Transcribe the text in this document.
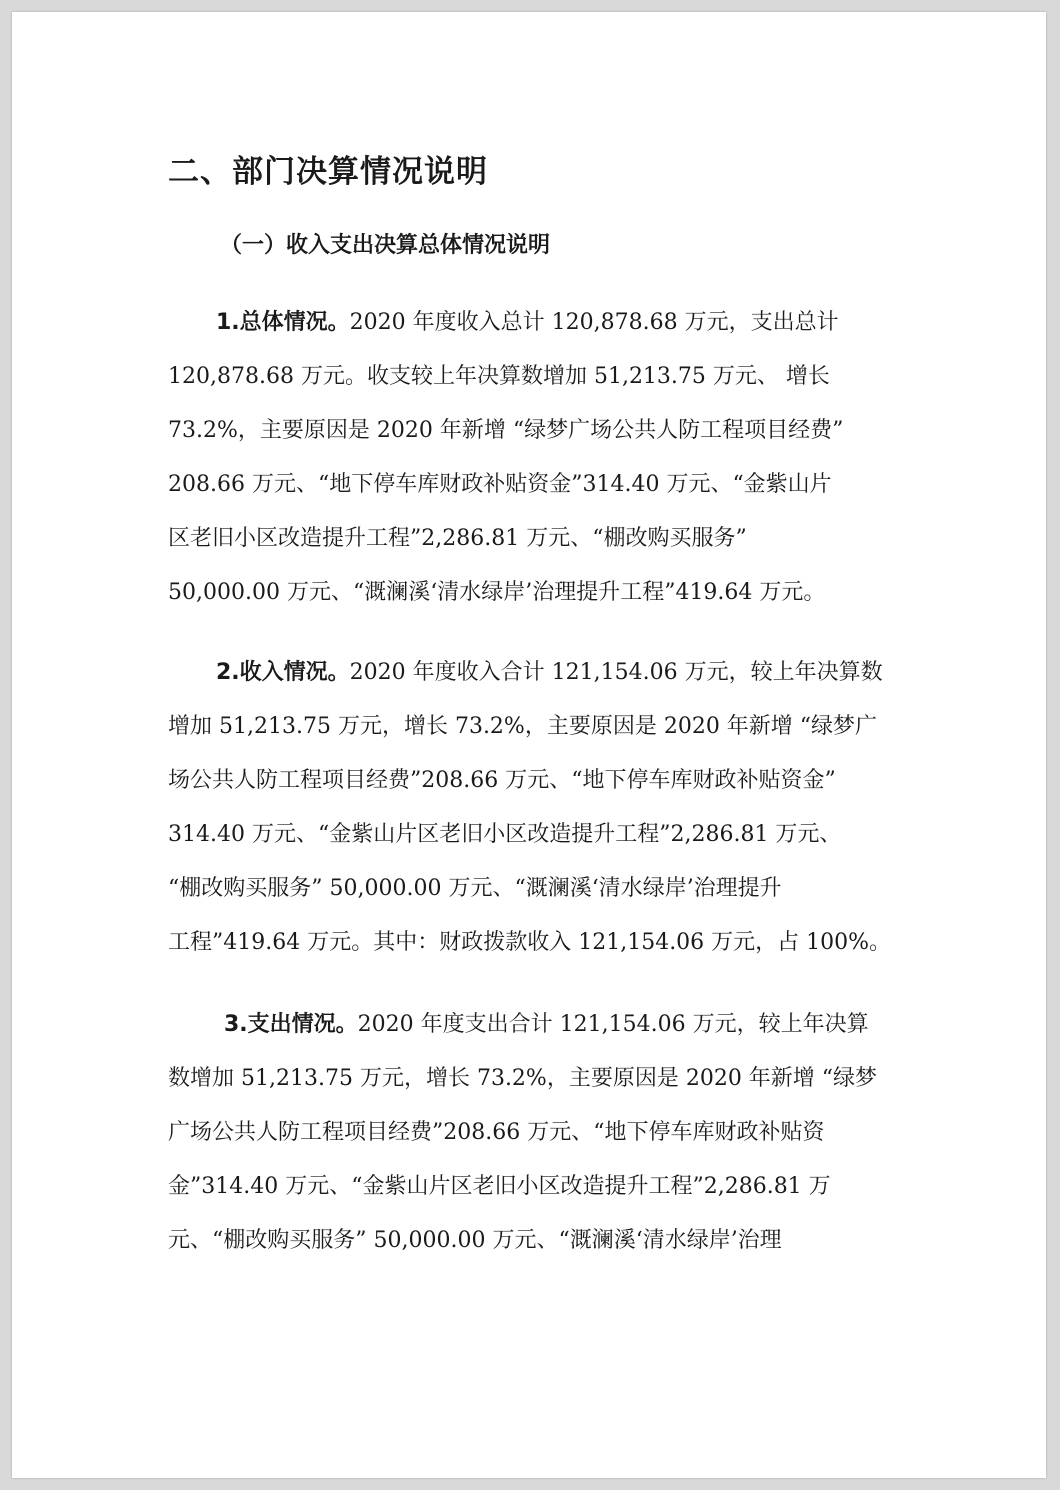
二、部门决算情况说明
（一）收入支出决算总体情况说明
1.总体情况。2020 年度收入总计 120,878.68 万元，支出总计
120,878.68 万元。收支较上年决算数增加 51,213.75 万元、 增长
73.2%，主要原因是 2020 年新增 “绿梦广场公共人防工程项目经费”
208.66 万元、“地下停车库财政补贴资金”314.40 万元、“金紫山片
区老旧小区改造提升工程”2,286.81 万元、“棚改购买服务”
50,000.00 万元、“溉澜溪‘清水绿岸’治理提升工程”419.64 万元。
2.收入情况。2020 年度收入合计 121,154.06 万元，较上年决算数
增加 51,213.75 万元，增长 73.2%，主要原因是 2020 年新增 “绿梦广
场公共人防工程项目经费”208.66 万元、“地下停车库财政补贴资金”
314.40 万元、“金紫山片区老旧小区改造提升工程”2,286.81 万元、
“棚改购买服务” 50,000.00 万元、“溉澜溪‘清水绿岸’治理提升
工程”419.64 万元。其中：财政拨款收入 121,154.06 万元，占 100%。
3.支出情况。2020 年度支出合计 121,154.06 万元，较上年决算
数增加 51,213.75 万元，增长 73.2%，主要原因是 2020 年新增 “绿梦
广场公共人防工程项目经费”208.66 万元、“地下停车库财政补贴资
金”314.40 万元、“金紫山片区老旧小区改造提升工程”2,286.81 万
元、“棚改购买服务” 50,000.00 万元、“溉澜溪‘清水绿岸’治理
